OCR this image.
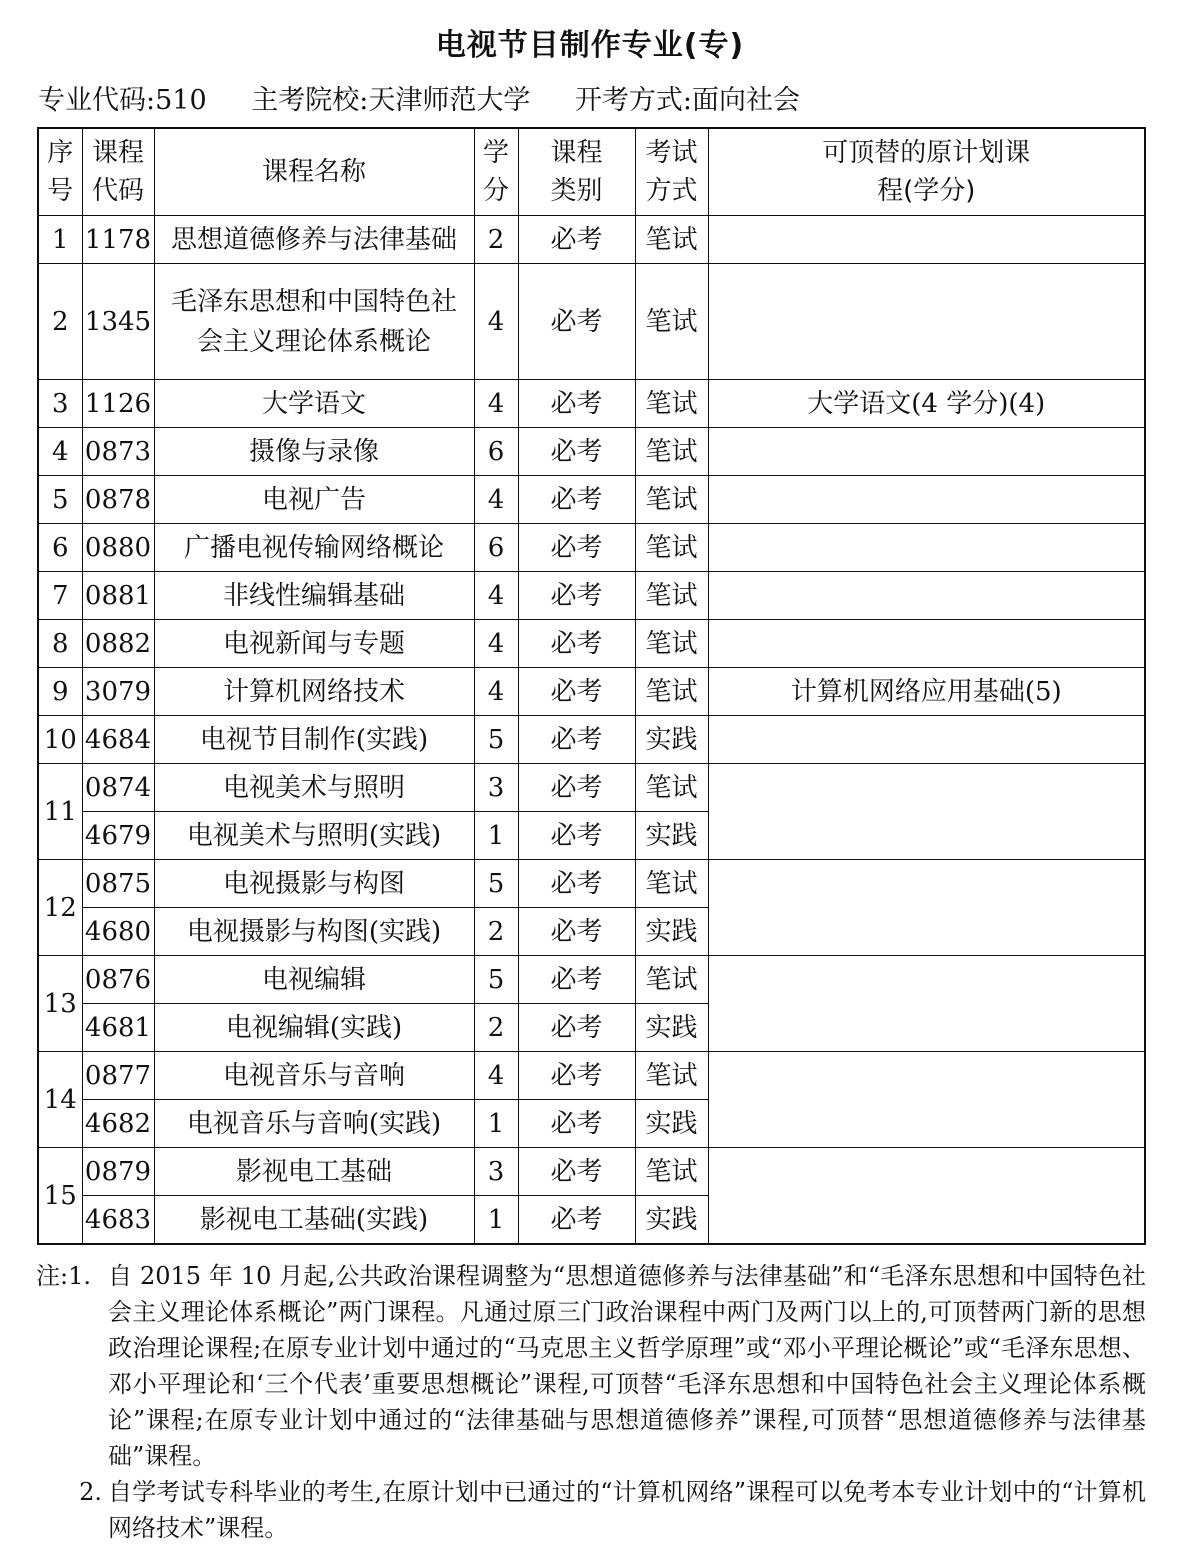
电视节目制作专业(专)
专业代码:510 主考院校:天津师范大学 开考方式:面向社会
序号	课程代码	课程名称	学分	课程类别	考试方式	可顶替的原计划课程(学分)
1	1178	思想道德修养与法律基础	2	必考	笔试	
2	1345	毛泽东思想和中国特色社会主义理论体系概论	4	必考	笔试	
3	1126	大学语文	4	必考	笔试	大学语文(4 学分)(4)
4	0873	摄像与录像	6	必考	笔试	
5	0878	电视广告	4	必考	笔试	
6	0880	广播电视传输网络概论	6	必考	笔试	
7	0881	非线性编辑基础	4	必考	笔试	
8	0882	电视新闻与专题	4	必考	笔试	
9	3079	计算机网络技术	4	必考	笔试	计算机网络应用基础(5)
10	4684	电视节目制作(实践)	5	必考	实践	
11	0874	电视美术与照明	3	必考	笔试	
	4679	电视美术与照明(实践)	1	必考	实践	
12	0875	电视摄影与构图	5	必考	笔试	
	4680	电视摄影与构图(实践)	2	必考	实践	
13	0876	电视编辑	5	必考	笔试	
	4681	电视编辑(实践)	2	必考	实践	
14	0877	电视音乐与音响	4	必考	笔试	
	4682	电视音乐与音响(实践)	1	必考	实践	
15	0879	影视电工基础	3	必考	笔试	
	4683	影视电工基础(实践)	1	必考	实践	
注:1. 自 2015 年 10 月起,公共政治课程调整为“思想道德修养与法律基础”和“毛泽东思想和中国特色社会主义理论体系概论”两门课程。凡通过原三门政治课程中两门及两门以上的,可顶替两门新的思想政治理论课程;在原专业计划中通过的“马克思主义哲学原理”或“邓小平理论概论”或“毛泽东思想、邓小平理论和‘三个代表’重要思想概论”课程,可顶替“毛泽东思想和中国特色社会主义理论体系概论”课程;在原专业计划中通过的“法律基础与思想道德修养”课程,可顶替“思想道德修养与法律基础”课程。
2. 自学考试专科毕业的考生,在原计划中已通过的“计算机网络”课程可以免考本专业计划中的“计算机网络技术”课程。
